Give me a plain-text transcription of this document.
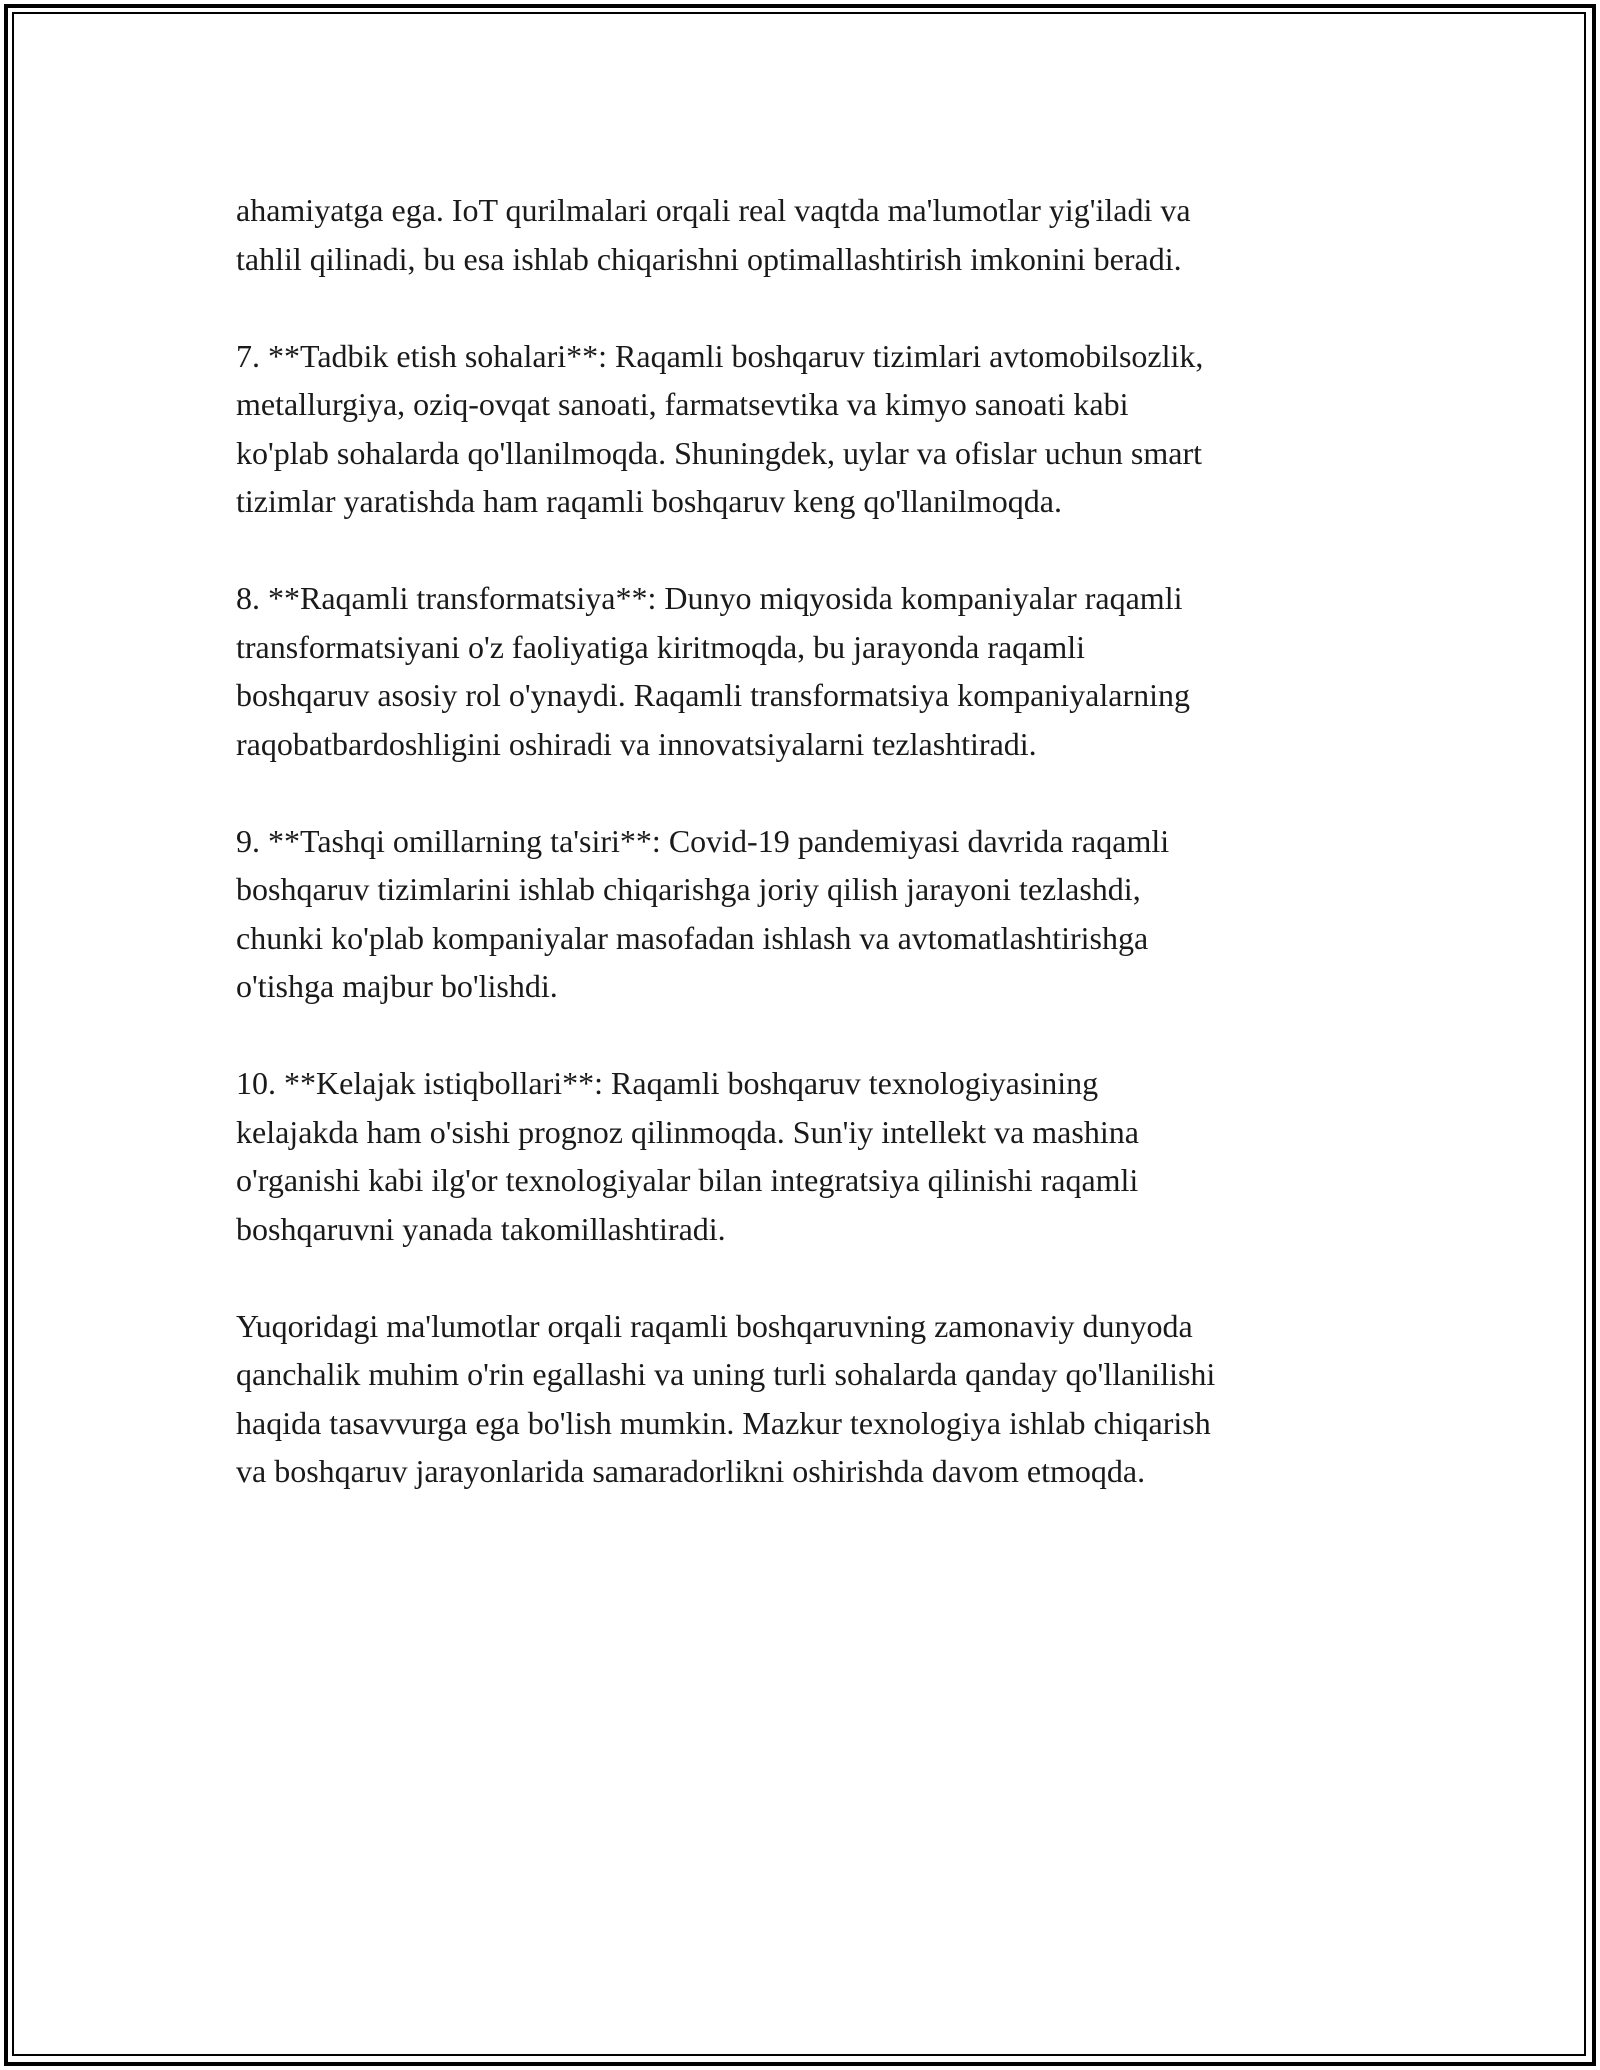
ahamiyatga ega. IoT qurilmalari orqali real vaqtda ma'lumotlar yig'iladi va
tahlil qilinadi, bu esa ishlab chiqarishni optimallashtirish imkonini beradi.

7. **Tadbik etish sohalari**: Raqamli boshqaruv tizimlari avtomobilsozlik,
metallurgiya, oziq-ovqat sanoati, farmatsevtika va kimyo sanoati kabi
ko'plab sohalarda qo'llanilmoqda. Shuningdek, uylar va ofislar uchun smart
tizimlar yaratishda ham raqamli boshqaruv keng qo'llanilmoqda.

8. **Raqamli transformatsiya**: Dunyo miqyosida kompaniyalar raqamli
transformatsiyani o'z faoliyatiga kiritmoqda, bu jarayonda raqamli
boshqaruv asosiy rol o'ynaydi. Raqamli transformatsiya kompaniyalarning
raqobatbardoshligini oshiradi va innovatsiyalarni tezlashtiradi.

9. **Tashqi omillarning ta'siri**: Covid-19 pandemiyasi davrida raqamli
boshqaruv tizimlarini ishlab chiqarishga joriy qilish jarayoni tezlashdi,
chunki ko'plab kompaniyalar masofadan ishlash va avtomatlashtirishga
o'tishga majbur bo'lishdi.

10. **Kelajak istiqbollari**: Raqamli boshqaruv texnologiyasining
kelajakda ham o'sishi prognoz qilinmoqda. Sun'iy intellekt va mashina
o'rganishi kabi ilg'or texnologiyalar bilan integratsiya qilinishi raqamli
boshqaruvni yanada takomillashtiradi.

Yuqoridagi ma'lumotlar orqali raqamli boshqaruvning zamonaviy dunyoda
qanchalik muhim o'rin egallashi va uning turli sohalarda qanday qo'llanilishi
haqida tasavvurga ega bo'lish mumkin. Mazkur texnologiya ishlab chiqarish
va boshqaruv jarayonlarida samaradorlikni oshirishda davom etmoqda.
